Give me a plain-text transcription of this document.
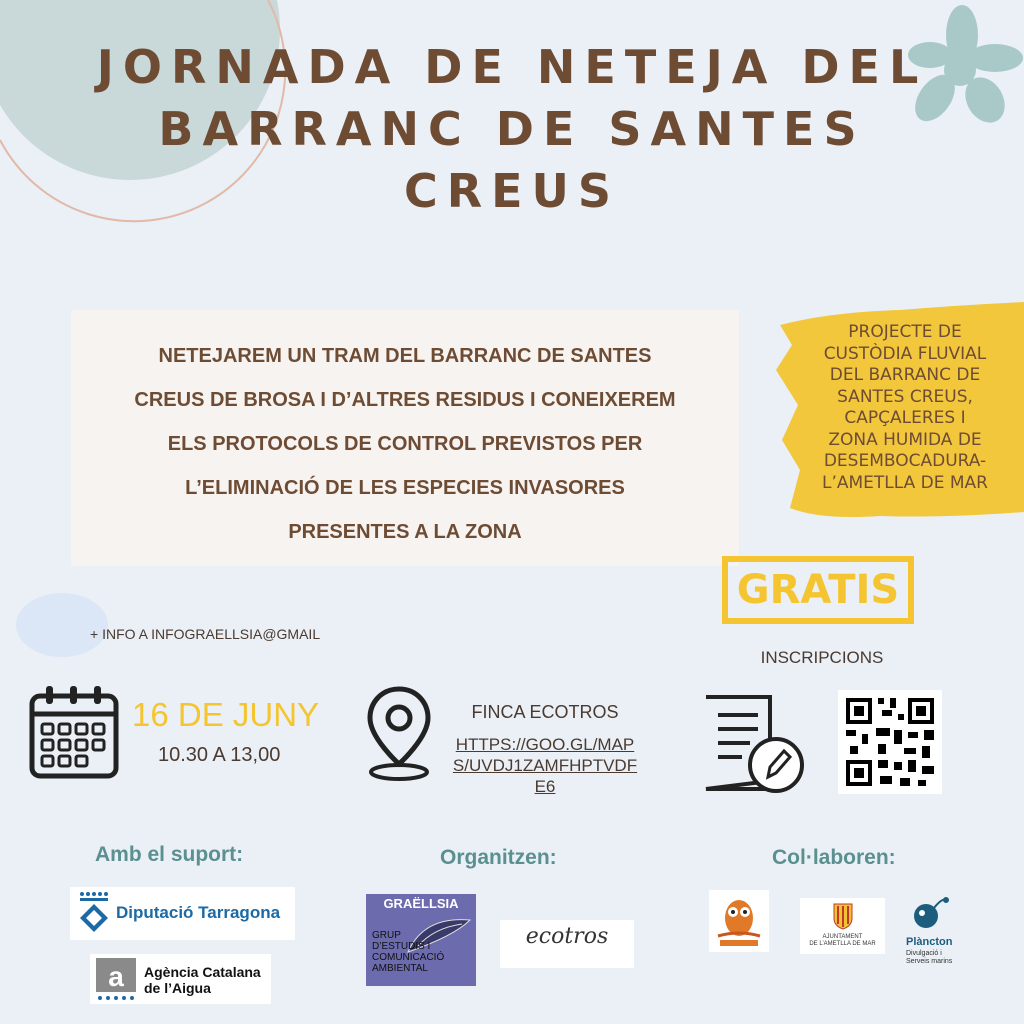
JORNADA DE NETEJA DEL
BARRANC DE SANTES
CREUS
NETEJAREM UN TRAM DEL BARRANC DE SANTES
CREUS DE BROSA I D’ALTRES RESIDUS I CONEIXEREM
ELS PROTOCOLS DE CONTROL PREVISTOS PER
L’ELIMINACIÓ DE LES ESPECIES INVASORES
PRESENTES A LA ZONA
PROJECTE DE
CUSTÒDIA FLUVIAL
DEL BARRANC DE
SANTES CREUS,
CAPÇALERES I
ZONA HUMIDA DE
DESEMBOCADURA-
L’AMETLLA DE MAR
GRATIS
INSCRIPCIONS
+ INFO A INFOGRAELLSIA@GMAIL
16 DE JUNY
10.30 A 13,00
FINCA ECOTROS
HTTPS://GOO.GL/MAPS/UVDJ1ZAMFHPTVDFE6
Amb el suport:	Organitzen:	Col·laboren:
Diputació Tarragona
a Agència Catalana
de l’Aigua
GRAËLLSIA
GRUP
D’ESTUDIS I
COMUNICACIÓ
AMBIENTAL
ecotros	AJUNTAMENT
DE L’AMETLLA DE MAR	Plàncton
Divulgació i
Serveis marins
